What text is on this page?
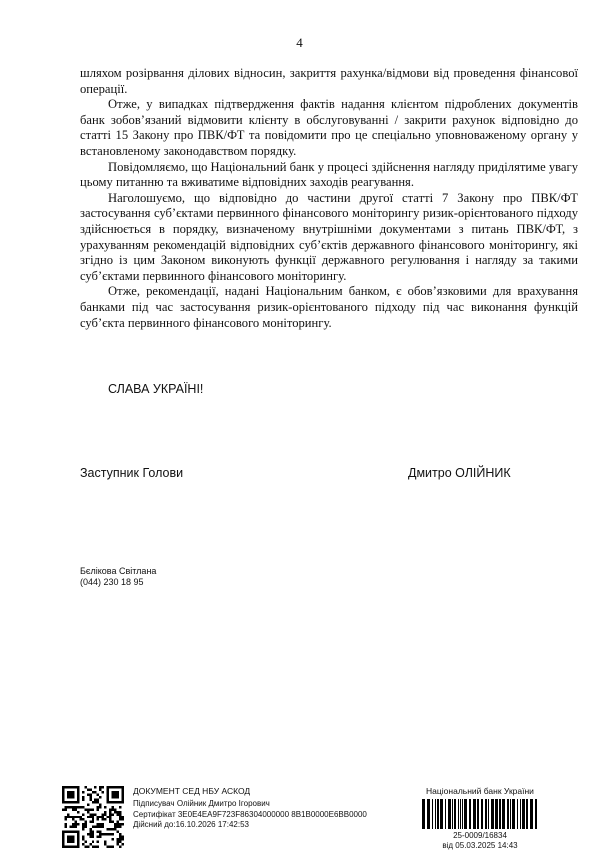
4

шляхом розірвання ділових відносин, закриття рахунка/відмови від проведення фінансової операції.

Отже, у випадках підтвердження фактів надання клієнтом підроблених документів банк зобов’язаний відмовити клієнту в обслуговуванні / закрити рахунок відповідно до статті 15 Закону про ПВК/ФТ та повідомити про це спеціально уповноваженому органу у встановленому законодавством порядку.

Повідомляємо, що Національний банк у процесі здійснення нагляду приділятиме увагу цьому питанню та вживатиме відповідних заходів реагування.

Наголошуємо, що відповідно до частини другої статті 7 Закону про ПВК/ФТ застосування суб’єктами первинного фінансового моніторингу ризик-орієнтованого підходу здійснюється в порядку, визначеному внутрішніми документами з питань ПВК/ФТ, з урахуванням рекомендацій відповідних суб’єктів державного фінансового моніторингу, які згідно із цим Законом виконують функції державного регулювання і нагляду за такими суб’єктами первинного фінансового моніторингу.

Отже, рекомендації, надані Національним банком, є обов’язковими для врахування банками під час застосування ризик-орієнтованого підходу під час виконання функцій суб’єкта первинного фінансового моніторингу.

СЛАВА УКРАЇНІ!
Заступник Голови	Дмитро ОЛІЙНИК
Бєлікова Світлана
(044) 230 18 95
ДОКУМЕНТ СЕД НБУ АСКОД
Підписувач Олійник Дмитро Ігорович
Сертифікат 3E0E4EA9F723F86304000000 8B1B0000E6BB0000
Дійсний до:16.10.2026 17:42:53
Національний банк України
25-0009/16834
від 05.03.2025 14:43
